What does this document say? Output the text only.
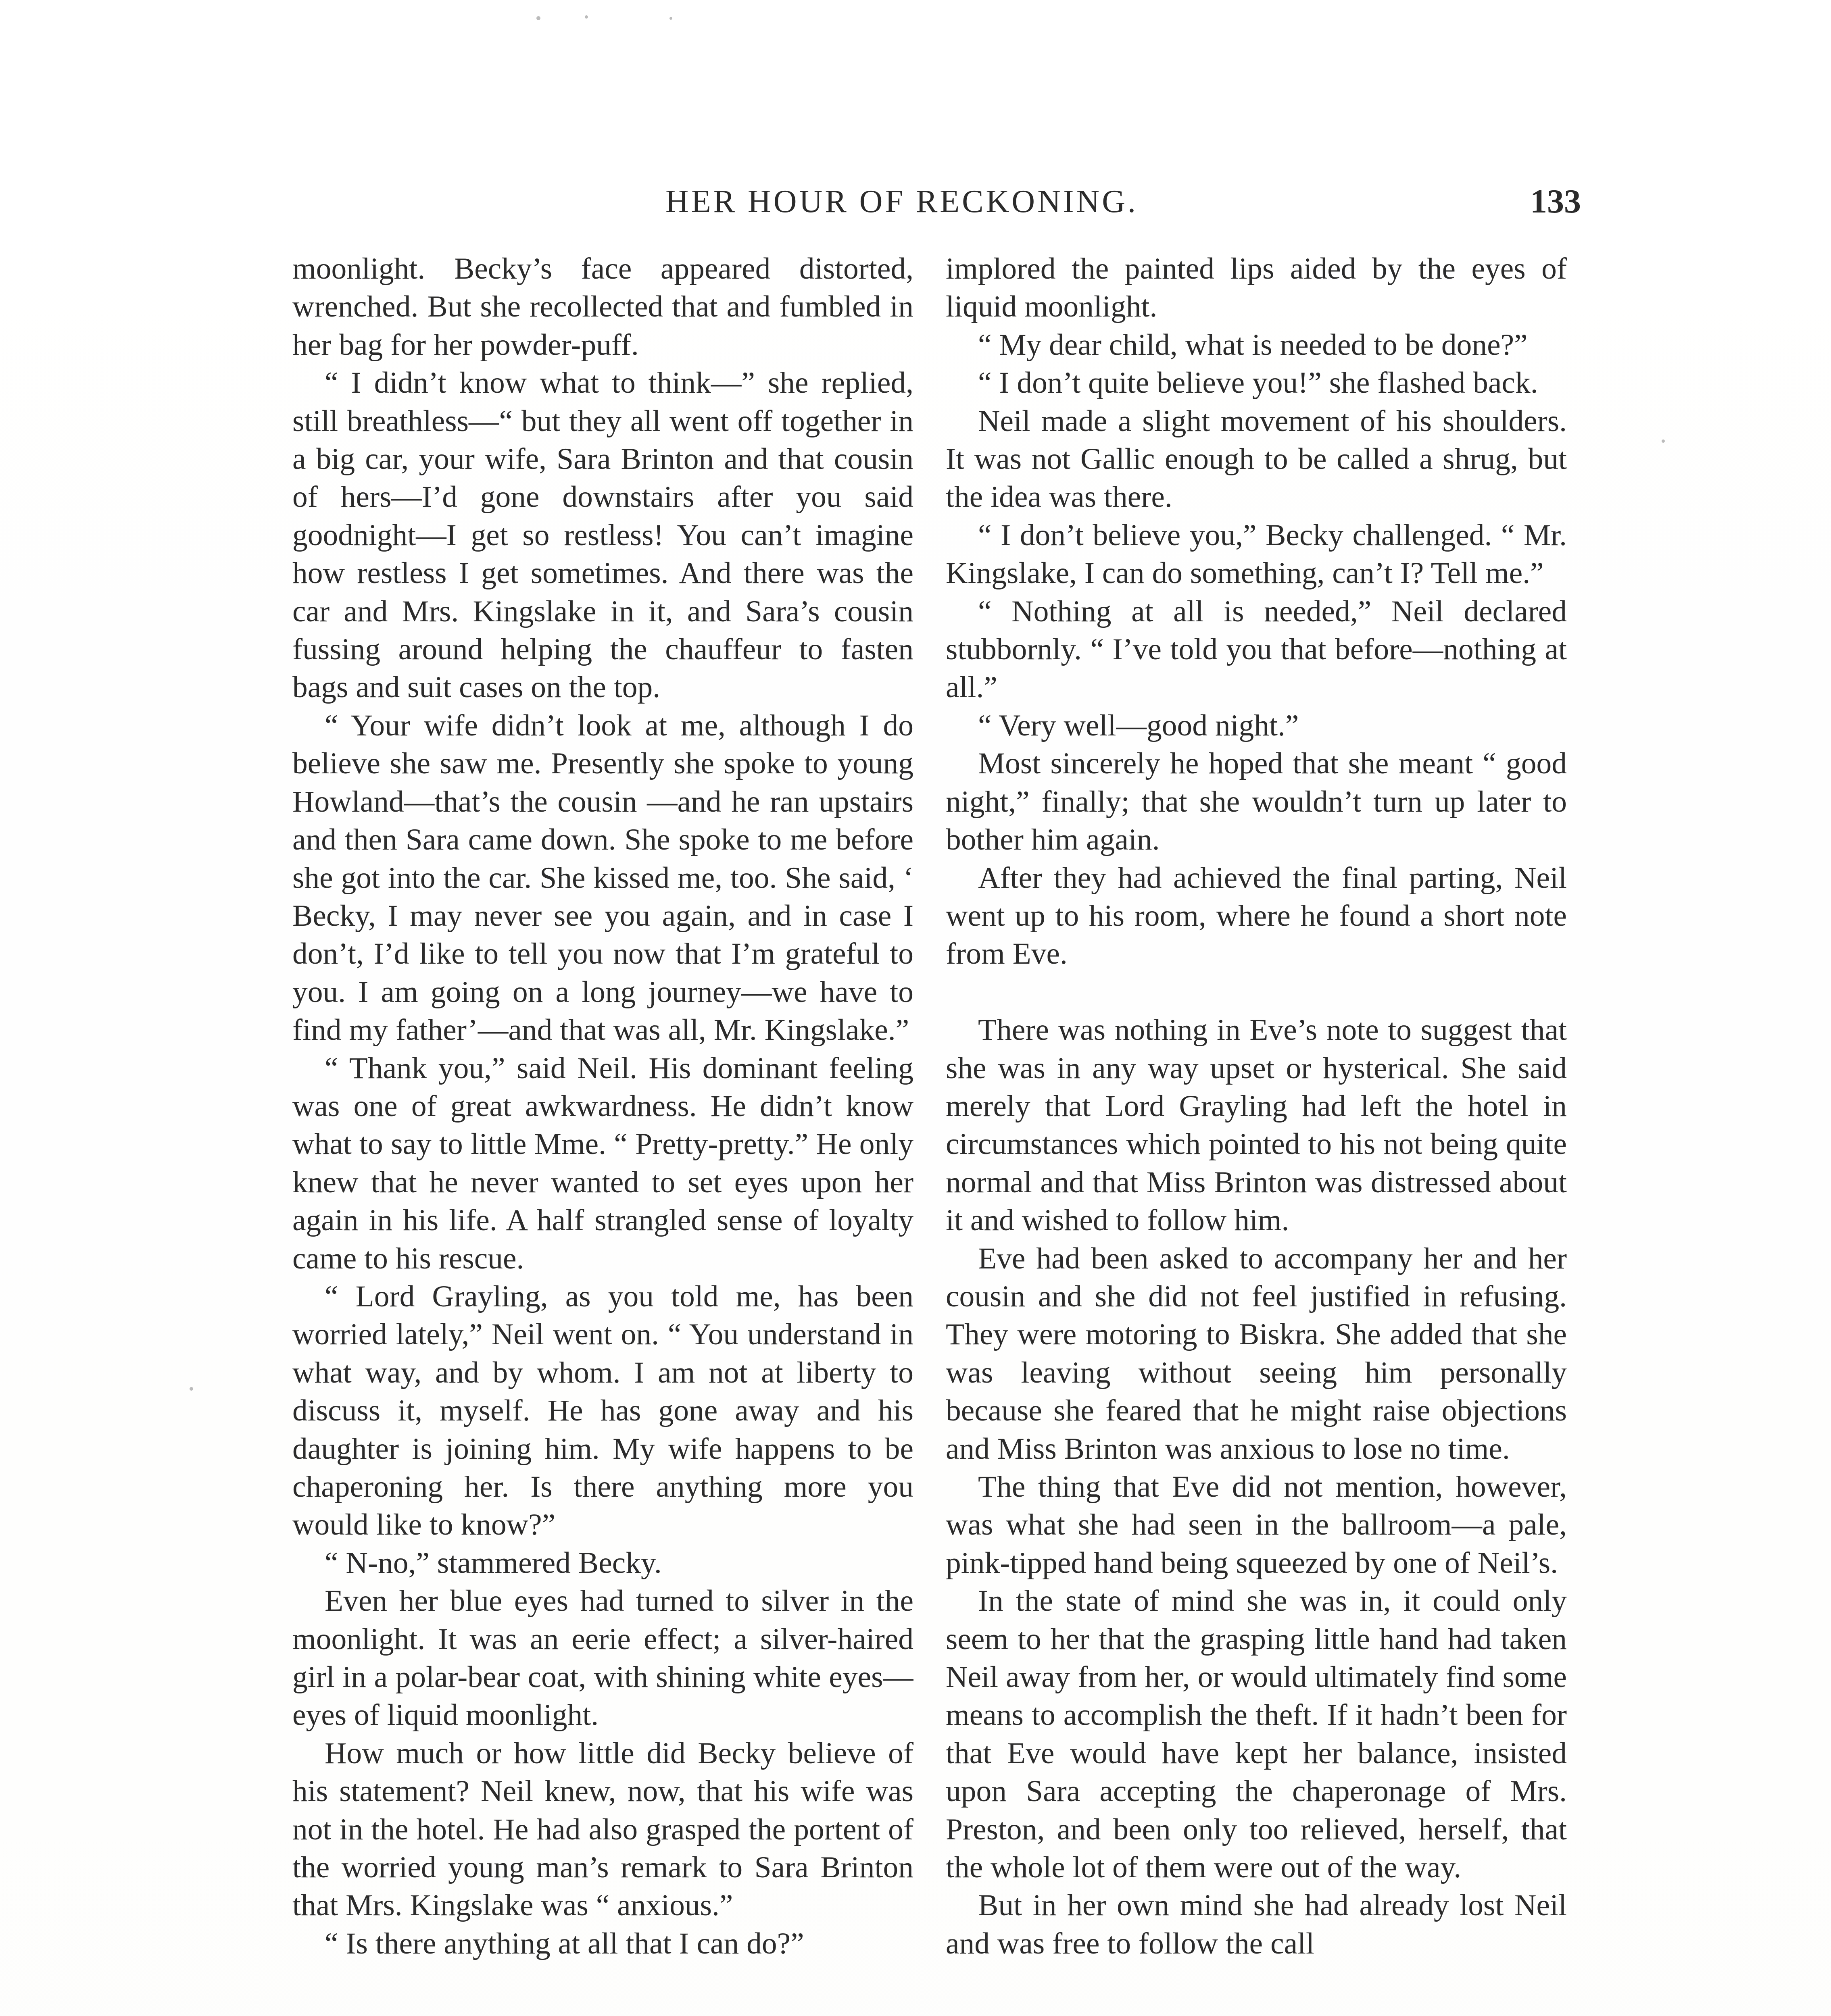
HER HOUR OF RECKONING.	133

moonlight. Becky’s face appeared distorted, wrenched. But she recollected that and fumbled in her bag for her powder-puff.

“ I didn’t know what to think—” she replied, still breathless—“ but they all went off together in a big car, your wife, Sara Brinton and that cousin of hers—I’d gone downstairs after you said goodnight—I get so restless! You can’t imagine how restless I get sometimes. And there was the car and Mrs. Kingslake in it, and Sara’s cousin fussing around helping the chauffeur to fasten bags and suit cases on the top.

“ Your wife didn’t look at me, although I do believe she saw me. Presently she spoke to young Howland—that’s the cousin —and he ran upstairs and then Sara came down. She spoke to me before she got into the car. She kissed me, too. She said, ‘ Becky, I may never see you again, and in case I don’t, I’d like to tell you now that I’m grateful to you. I am going on a long journey—we have to find my father’—and that was all, Mr. Kingslake.”

“ Thank you,” said Neil. His dominant feeling was one of great awkwardness. He didn’t know what to say to little Mme. “ Pretty-pretty.” He only knew that he never wanted to set eyes upon her again in his life. A half strangled sense of loyalty came to his rescue.

“ Lord Grayling, as you told me, has been worried lately,” Neil went on. “ You understand in what way, and by whom. I am not at liberty to discuss it, myself. He has gone away and his daughter is joining him. My wife happens to be chaperoning her. Is there anything more you would like to know?”

“ N-no,” stammered Becky.

Even her blue eyes had turned to silver in the moonlight. It was an eerie effect; a silver-haired girl in a polar-bear coat, with shining white eyes—eyes of liquid moonlight.

How much or how little did Becky believe of his statement? Neil knew, now, that his wife was not in the hotel. He had also grasped the portent of the worried young man’s remark to Sara Brinton that Mrs. Kingslake was “ anxious.”

“ Is there anything at all that I can do?”

implored the painted lips aided by the eyes of liquid moonlight.

“ My dear child, what is needed to be done?”

“ I don’t quite believe you!” she flashed back.

Neil made a slight movement of his shoulders. It was not Gallic enough to be called a shrug, but the idea was there.

“ I don’t believe you,” Becky challenged. “ Mr. Kingslake, I can do something, can’t I? Tell me.”

“ Nothing at all is needed,” Neil declared stubbornly. “ I’ve told you that before—nothing at all.”

“ Very well—good night.”

Most sincerely he hoped that she meant “ good night,” finally; that she wouldn’t turn up later to bother him again.

After they had achieved the final parting, Neil went up to his room, where he found a short note from Eve.

There was nothing in Eve’s note to suggest that she was in any way upset or hysterical. She said merely that Lord Grayling had left the hotel in circumstances which pointed to his not being quite normal and that Miss Brinton was distressed about it and wished to follow him.

Eve had been asked to accompany her and her cousin and she did not feel justified in refusing. They were motoring to Biskra. She added that she was leaving without seeing him personally because she feared that he might raise objections and Miss Brinton was anxious to lose no time.

The thing that Eve did not mention, however, was what she had seen in the ballroom—a pale, pink-tipped hand being squeezed by one of Neil’s.

In the state of mind she was in, it could only seem to her that the grasping little hand had taken Neil away from her, or would ultimately find some means to accomplish the theft. If it hadn’t been for that Eve would have kept her balance, insisted upon Sara accepting the chaperonage of Mrs. Preston, and been only too relieved, herself, that the whole lot of them were out of the way.

But in her own mind she had already lost Neil and was free to follow the call
